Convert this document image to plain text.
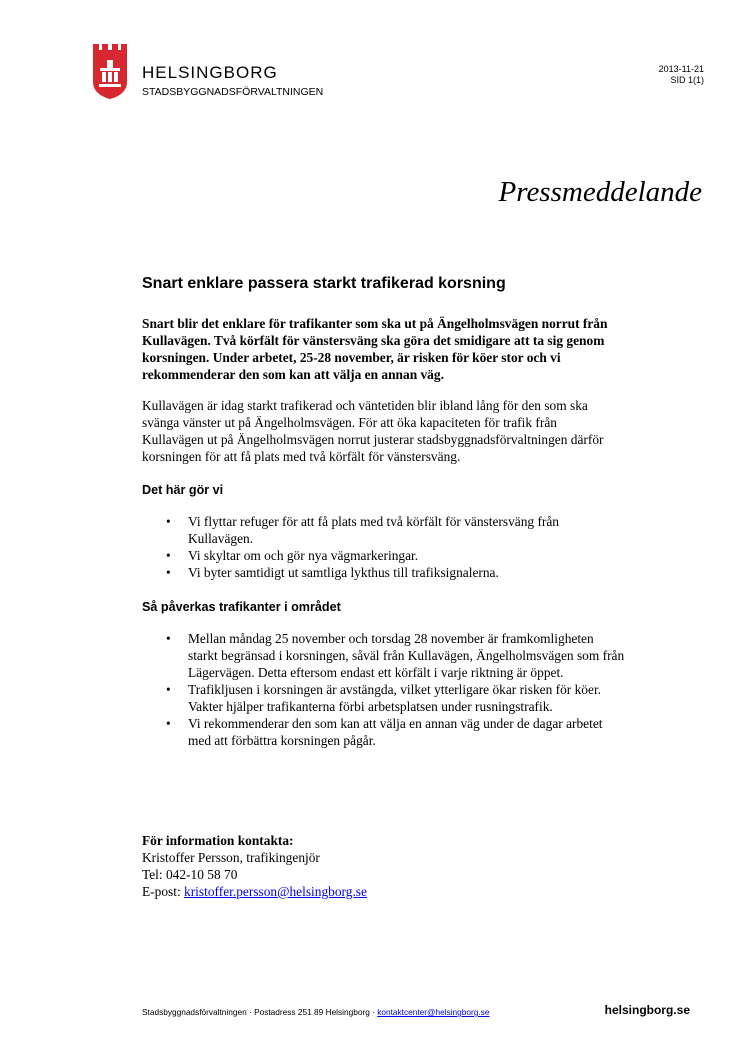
HELSINGBORG
STADSBYGGNADSFÖRVALTNINGEN
2013-11-21
SID 1(1)
Pressmeddelande
Snart enklare passera starkt trafikerad korsning

Snart blir det enklare för trafikanter som ska ut på Ängelholmsvägen norrut från Kullavägen. Två körfält för vänstersväng ska göra det smidigare att ta sig genom korsningen. Under arbetet, 25-28 november, är risken för köer stor och vi rekommenderar den som kan att välja en annan väg.

Kullavägen är idag starkt trafikerad och väntetiden blir ibland lång för den som ska svänga vänster ut på Ängelholmsvägen. För att öka kapaciteten för trafik från Kullavägen ut på Ängelholmsvägen norrut justerar stadsbyggnadsförvaltningen därför korsningen för att få plats med två körfält för vänstersväng.

Det här gör vi
• Vi flyttar refuger för att få plats med två körfält för vänstersväng från Kullavägen.
• Vi skyltar om och gör nya vägmarkeringar.
• Vi byter samtidigt ut samtliga lykthus till trafiksignalerna.
Så påverkas trafikanter i området
• Mellan måndag 25 november och torsdag 28 november är framkomligheten starkt begränsad i korsningen, såväl från Kullavägen, Ängelholmsvägen som från Lägervägen. Detta eftersom endast ett körfält i varje riktning är öppet.
• Trafikljusen i korsningen är avstängda, vilket ytterligare ökar risken för köer. Vakter hjälper trafikanterna förbi arbetsplatsen under rusningstrafik.
• Vi rekommenderar den som kan att välja en annan väg under de dagar arbetet med att förbättra korsningen pågår.
För information kontakta:
Kristoffer Persson, trafikingenjör
Tel: 042-10 58 70
E-post: kristoffer.persson@helsingborg.se
Stadsbyggnadsförvaltningen · Postadress 251 89 Helsingborg · kontaktcenter@helsingborg.se	helsingborg.se
